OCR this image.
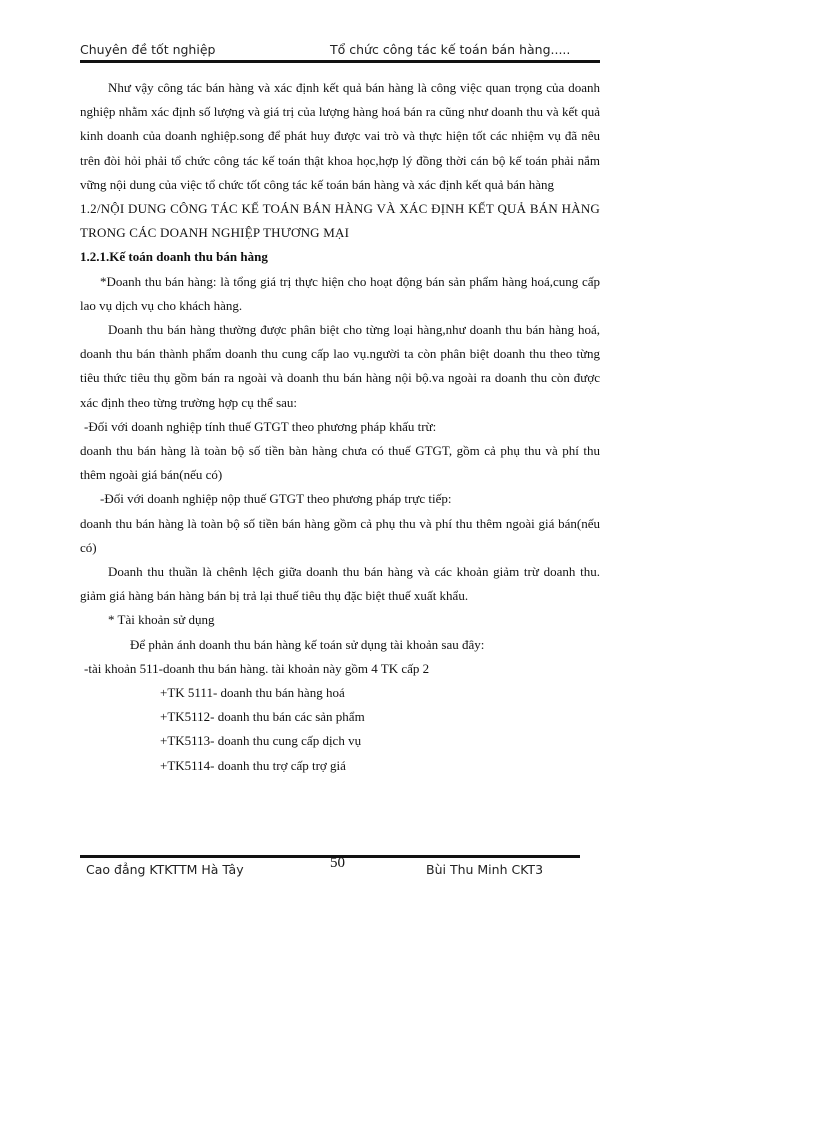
Chuyên đề tốt nghiệp	Tổ chức công tác kế toán bán hàng.....

Như vậy công tác bán hàng và xác định kết quả bán hàng là công việc quan trọng của doanh nghiệp nhằm xác định số lượng và giá trị của lượng hàng hoá bán ra cũng như doanh thu và kết quả kinh doanh của doanh nghiệp.song để phát huy được vai trò và thực hiện tốt các nhiệm vụ đã nêu trên đòi hỏi phải tổ chức công tác kế toán thật khoa học,hợp lý đồng thời cán bộ kế toán phải nắm vững nội dung của việc tổ chức tốt công tác kế toán bán hàng và xác định kết quả bán hàng

1.2/NỘI DUNG CÔNG TÁC KẾ TOÁN BÁN HÀNG VÀ XÁC ĐỊNH KẾT QUẢ BÁN HÀNG TRONG CÁC DOANH NGHIỆP THƯƠNG MẠI

1.2.1.Kế toán doanh thu bán hàng

*Doanh thu bán hàng: là tổng giá trị thực hiện cho hoạt động bán sản phẩm hàng hoá,cung cấp lao vụ dịch vụ cho khách hàng.

Doanh thu bán hàng thường được phân biệt cho từng loại hàng,như doanh thu bán hàng hoá, doanh thu bán thành phẩm doanh thu cung cấp lao vụ.người ta còn phân biệt doanh thu theo từng tiêu thức tiêu thụ gồm bán ra ngoài và doanh thu bán hàng nội bộ.va ngoài ra doanh thu còn được xác định theo từng trường hợp cụ thể sau:

-Đối với doanh nghiệp tính thuế GTGT theo phương pháp khấu trừ:

doanh thu bán hàng là toàn bộ số tiền bàn hàng chưa có thuế GTGT, gồm cả phụ thu và phí thu thêm ngoài giá bán(nếu có)

-Đối với doanh nghiệp nộp thuế GTGT theo phương pháp trực tiếp:

doanh thu bán hàng là toàn bộ số tiền bán hàng gồm cả phụ thu và phí thu thêm ngoài giá bán(nếu có)

Doanh thu thuần là chênh lệch giữa doanh thu bán hàng và các khoản giảm trừ doanh thu. giảm giá hàng bán hàng bán bị trả lại thuế tiêu thụ đặc biệt thuế xuất khẩu.

* Tài khoản sử dụng

Để phản ánh doanh thu bán hàng kế toán sử dụng tài khoản sau đây:

-tài khoản 511-doanh thu bán hàng. tài khoản này gồm 4 TK cấp 2

+TK 5111- doanh thu bán hàng hoá

+TK5112- doanh thu bán các sản phẩm

+TK5113- doanh thu cung cấp dịch vụ

+TK5114- doanh thu trợ cấp trợ giá

50
Cao đẳng KTKTTM Hà Tây	Bùi Thu Minh CKT3
